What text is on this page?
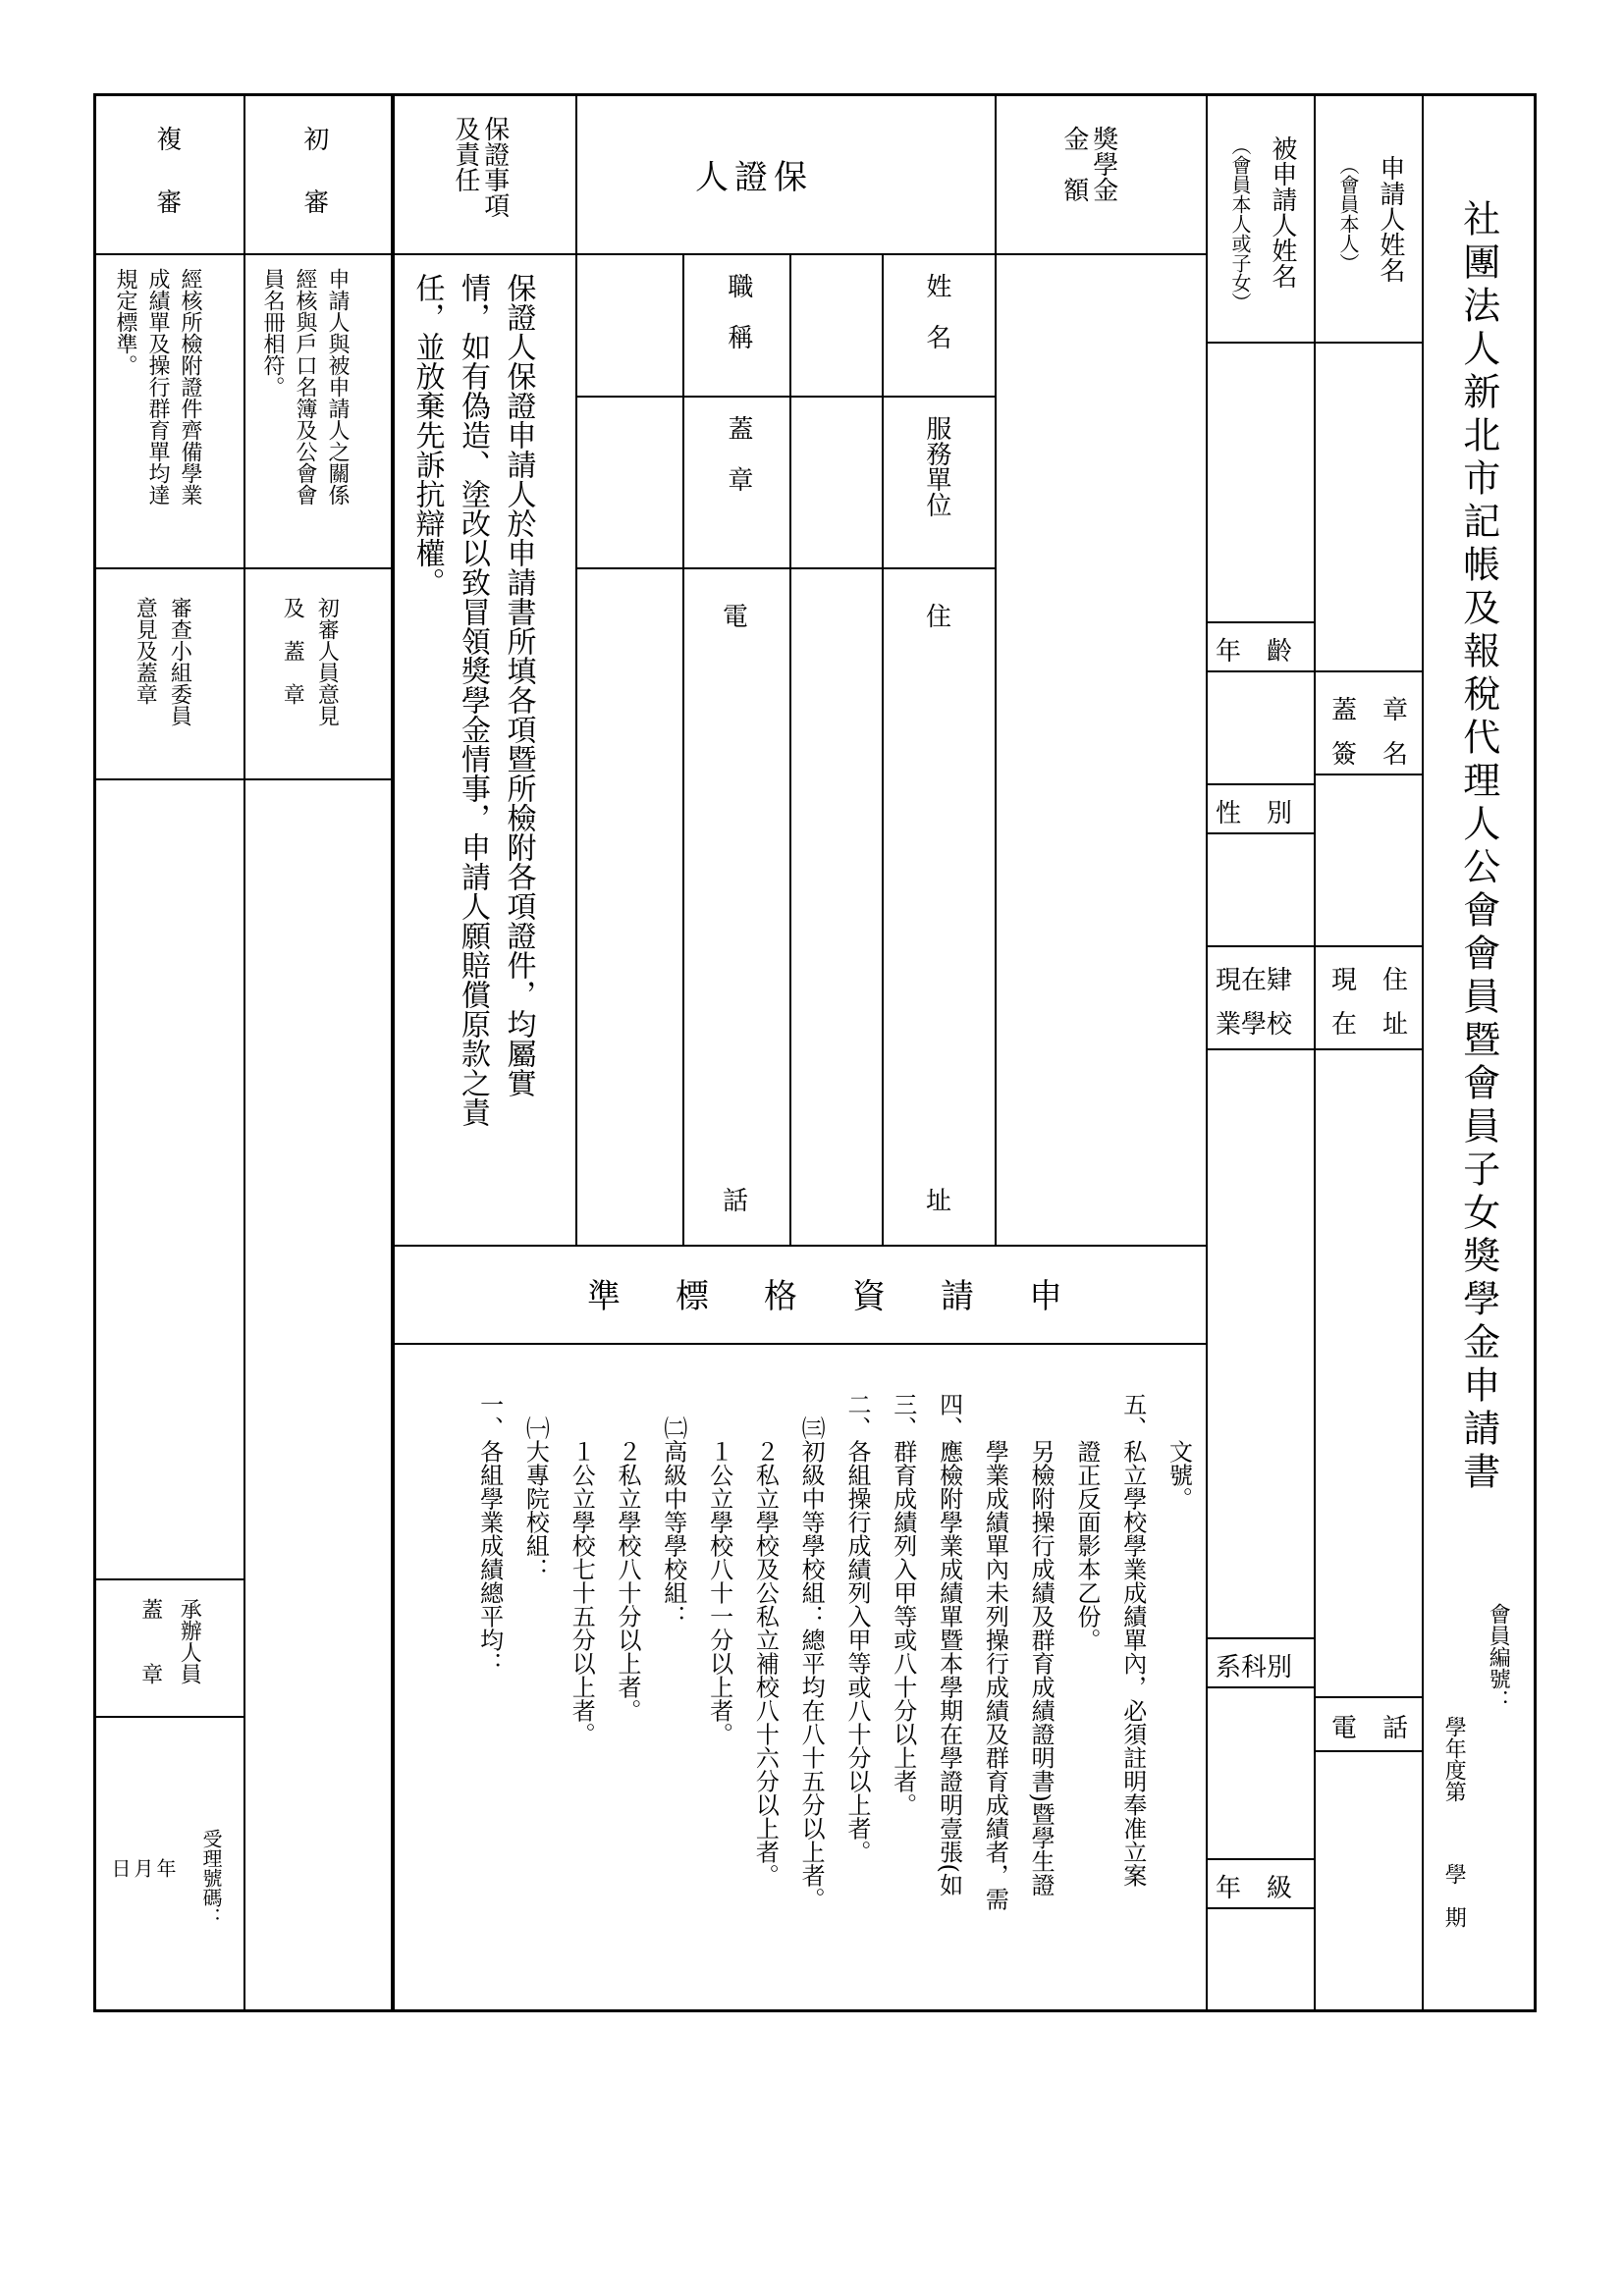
社團法人新北市記帳及報稅代理人公會會員暨會員子女獎學金申請書
會員編號：
學年度第
學　期
申請人姓名
（會員本人）
蓋　章
簽　名
現　住
在　址
電　話
被申請人姓名
（會員本人或子女）
年　齡
性　別
現在肄
業學校
系科別
年　級
獎學金
金　額
保證人
姓　名
職　稱
服務單位
蓋　章
住
址
電
話
保證事項
及責任
保證人保證申請人於申請書所填各項暨所檢附各項證件，均屬實
情，如有偽造、塗改以致冒領獎學金情事，申請人願賠償原款之責
任，並放棄先訴抗辯權。
申請資格標準

　　文號。
五、私立學校學業成績單內，必須註明奉准立案
　　證正反面影本乙份。
　　另檢附操行成績及群育成績證明書)暨學生證
　　學業成績單內未列操行成績及群育成績者，需
四、應檢附學業成績單暨本學期在學證明壹張(如
三、群育成績列入甲等或八十分以上者。
二、各組操行成績列入甲等或八十分以上者。
　㈢初級中等學校組：總平均在八十五分以上者。
　　２私立學校及公私立補校八十六分以上者。
　　１公立學校八十一分以上者。
　㈡高級中等學校組：
　　２私立學校八十分以上者。
　　１公立學校七十五分以上者。
　㈠大專院校組：
一、各組學業成績總平均：

初　審
複　審
申請人與被申請人之關係
經核與戶口名簿及公會會
員名冊相符。
經核所檢附證件齊備學業
成績單及操行群育單均達
規定標準。
初審人員意見
及　蓋　章
審查小組委員
意見及蓋章
承辦人員
蓋　　章
受理號碼：
年
月
日
